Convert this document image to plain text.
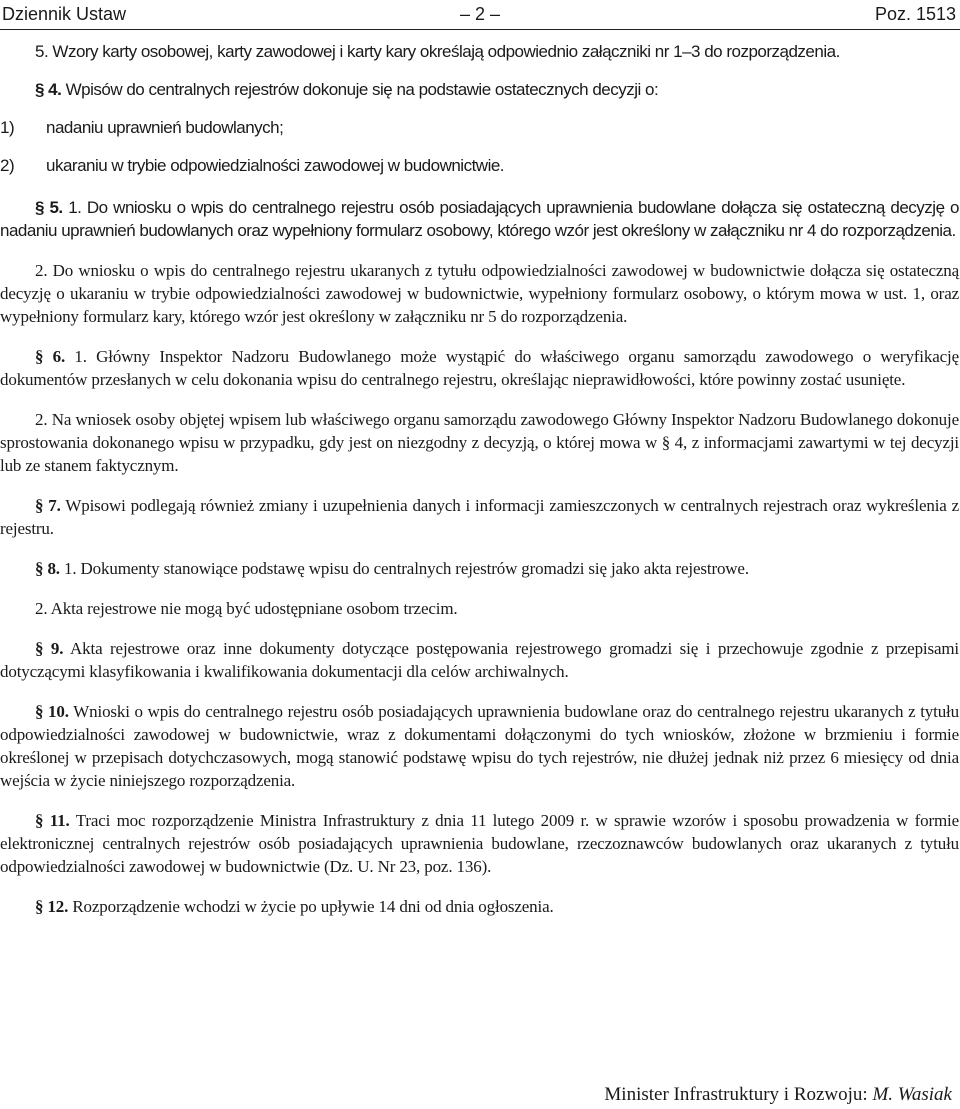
Dziennik Ustaw	– 2 –	Poz. 1513

5. Wzory karty osobowej, karty zawodowej i karty kary określają odpowiednio załączniki nr 1–3 do rozporządzenia.

§ 4. Wpisów do centralnych rejestrów dokonuje się na podstawie ostatecznych decyzji o:

1)	nadaniu uprawnień budowlanych;
2)	ukaraniu w trybie odpowiedzialności zawodowej w budownictwie.

§ 5. 1. Do wniosku o wpis do centralnego rejestru osób posiadających uprawnienia budowlane dołącza się ostateczną decyzję o nadaniu uprawnień budowlanych oraz wypełniony formularz osobowy, którego wzór jest określony w załączniku nr 4 do rozporządzenia.

2. Do wniosku o wpis do centralnego rejestru ukaranych z tytułu odpowiedzialności zawodowej w budownictwie dołącza się ostateczną decyzję o ukaraniu w trybie odpowiedzialności zawodowej w budownictwie, wypełniony formularz osobowy, o którym mowa w ust. 1, oraz wypełniony formularz kary, którego wzór jest określony w załączniku nr 5 do rozporządzenia.

§ 6. 1. Główny Inspektor Nadzoru Budowlanego może wystąpić do właściwego organu samorządu zawodowego o weryfikację dokumentów przesłanych w celu dokonania wpisu do centralnego rejestru, określając nieprawidłowości, które powinny zostać usunięte.

2. Na wniosek osoby objętej wpisem lub właściwego organu samorządu zawodowego Główny Inspektor Nadzoru Budowlanego dokonuje sprostowania dokonanego wpisu w przypadku, gdy jest on niezgodny z decyzją, o której mowa w § 4, z informacjami zawartymi w tej decyzji lub ze stanem faktycznym.

§ 7. Wpisowi podlegają również zmiany i uzupełnienia danych i informacji zamieszczonych w centralnych rejestrach oraz wykreślenia z rejestru.

§ 8. 1. Dokumenty stanowiące podstawę wpisu do centralnych rejestrów gromadzi się jako akta rejestrowe.

2. Akta rejestrowe nie mogą być udostępniane osobom trzecim.

§ 9. Akta rejestrowe oraz inne dokumenty dotyczące postępowania rejestrowego gromadzi się i przechowuje zgodnie z przepisami dotyczącymi klasyfikowania i kwalifikowania dokumentacji dla celów archiwalnych.

§ 10. Wnioski o wpis do centralnego rejestru osób posiadających uprawnienia budowlane oraz do centralnego rejestru ukaranych z tytułu odpowiedzialności zawodowej w budownictwie, wraz z dokumentami dołączonymi do tych wniosków, złożone w brzmieniu i formie określonej w przepisach dotychczasowych, mogą stanowić podstawę wpisu do tych rejestrów, nie dłużej jednak niż przez 6 miesięcy od dnia wejścia w życie niniejszego rozporządzenia.

§ 11. Traci moc rozporządzenie Ministra Infrastruktury z dnia 11 lutego 2009 r. w sprawie wzorów i sposobu prowadzenia w formie elektronicznej centralnych rejestrów osób posiadających uprawnienia budowlane, rzeczoznawców budowlanych oraz ukaranych z tytułu odpowiedzialności zawodowej w budownictwie (Dz. U. Nr 23, poz. 136).

§ 12. Rozporządzenie wchodzi w życie po upływie 14 dni od dnia ogłoszenia.

Minister Infrastruktury i Rozwoju: M. Wasiak
